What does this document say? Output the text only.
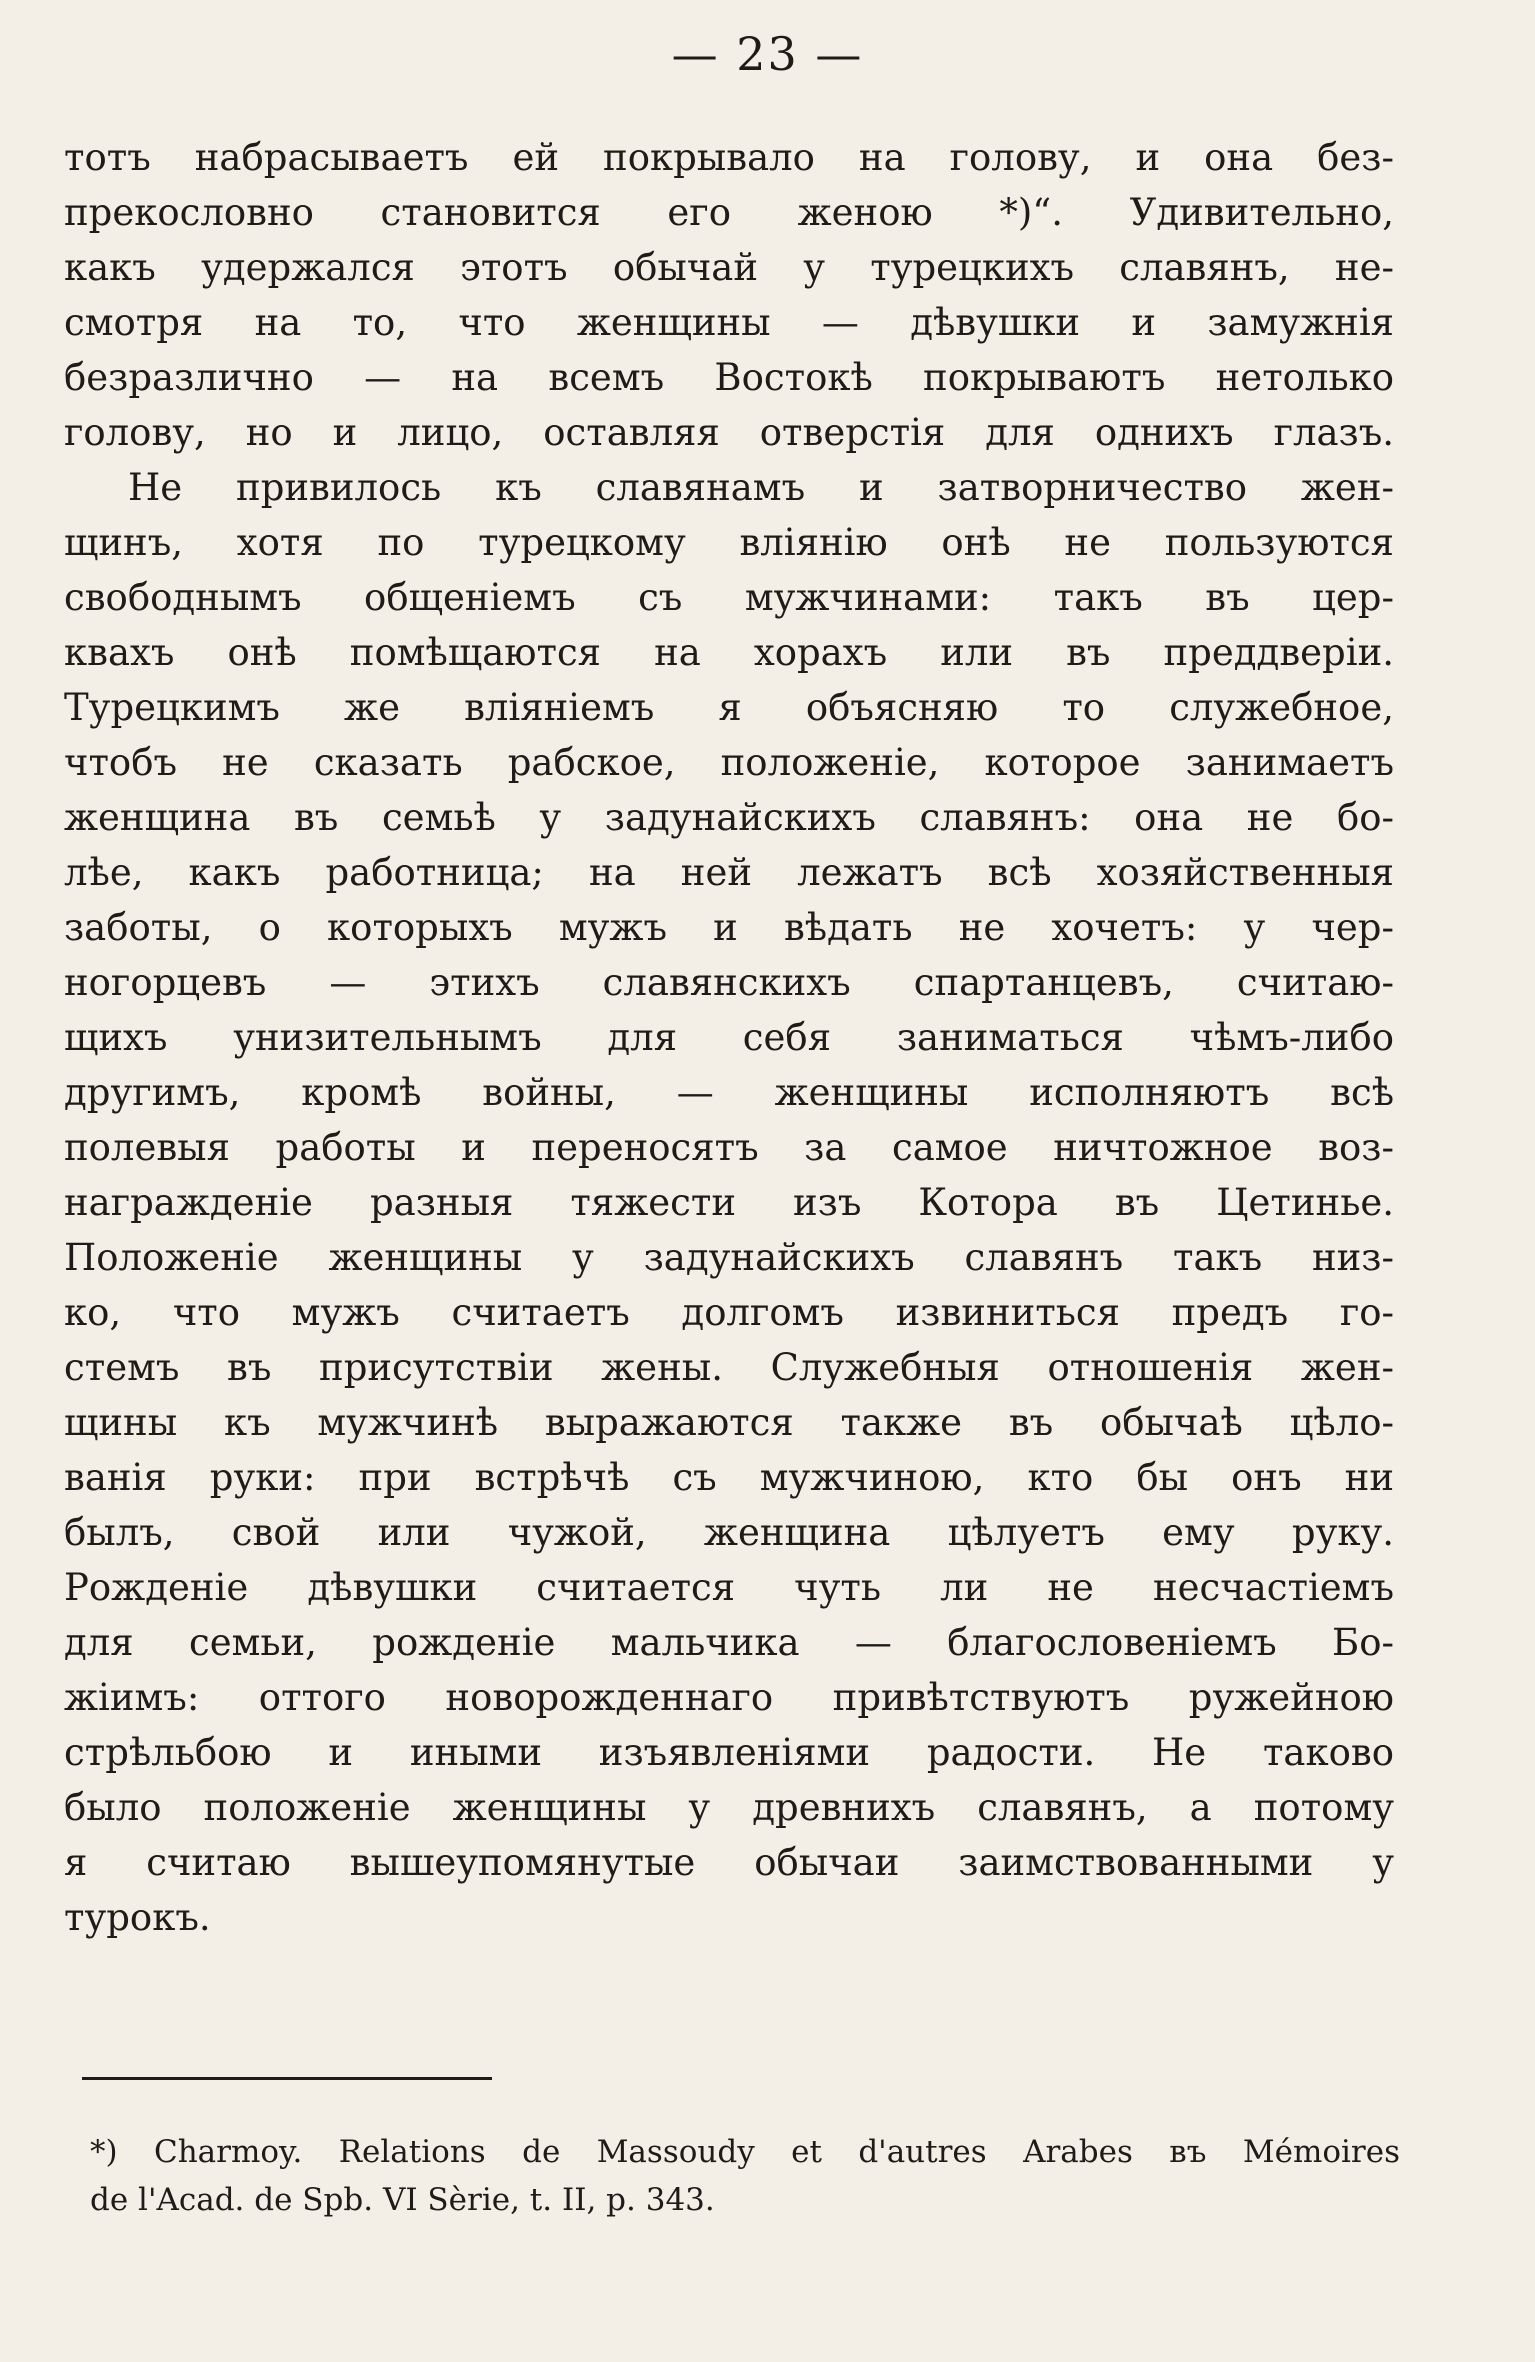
— 23 —
тотъ набрасываетъ ей покрывало на голову, и она без-
прекословно становится его женою *)“. Удивительно,
какъ удержался этотъ обычай у турецкихъ славянъ, не-
смотря на то, что женщины — дѣвушки и замужнія
безразлично — на всемъ Востокѣ покрываютъ нетолько
голову, но и лицо, оставляя отверстія для однихъ глазъ.
Не привилось къ славянамъ и затворничество жен-
щинъ, хотя по турецкому вліянію онѣ не пользуются
свободнымъ общеніемъ съ мужчинами: такъ въ цер-
квахъ онѣ помѣщаются на хорахъ или въ преддверіи.
Турецкимъ же вліяніемъ я объясняю то служебное,
чтобъ не сказать рабское, положеніе, которое занимаетъ
женщина въ семьѣ у задунайскихъ славянъ: она не бо-
лѣе, какъ работница; на ней лежатъ всѣ хозяйственныя
заботы, о которыхъ мужъ и вѣдать не хочетъ: у чер-
ногорцевъ — этихъ славянскихъ спартанцевъ, считаю-
щихъ унизительнымъ для себя заниматься чѣмъ-либо
другимъ, кромѣ войны, — женщины исполняютъ всѣ
полевыя работы и переносятъ за самое ничтожное воз-
награжденіе разныя тяжести изъ Котора въ Цетинье.
Положеніе женщины у задунайскихъ славянъ такъ низ-
ко, что мужъ считаетъ долгомъ извиниться предъ го-
стемъ въ присутствіи жены. Служебныя отношенія жен-
щины къ мужчинѣ выражаются также въ обычаѣ цѣло-
ванія руки: при встрѣчѣ съ мужчиною, кто бы онъ ни
былъ, свой или чужой, женщина цѣлуетъ ему руку.
Рожденіе дѣвушки считается чуть ли не несчастіемъ
для семьи, рожденіе мальчика — благословеніемъ Бо-
жіимъ: оттого новорожденнаго привѣтствуютъ ружейною
стрѣльбою и иными изъявленіями радости. Не таково
было положеніе женщины у древнихъ славянъ, а потому
я считаю вышеупомянутые обычаи заимствованными у
турокъ.
*) Charmoy. Relations de Massoudy et d'autres Arabes въ Mémoires
de l'Acad. de Spb. VI Sèrie, t. II, p. 343.
